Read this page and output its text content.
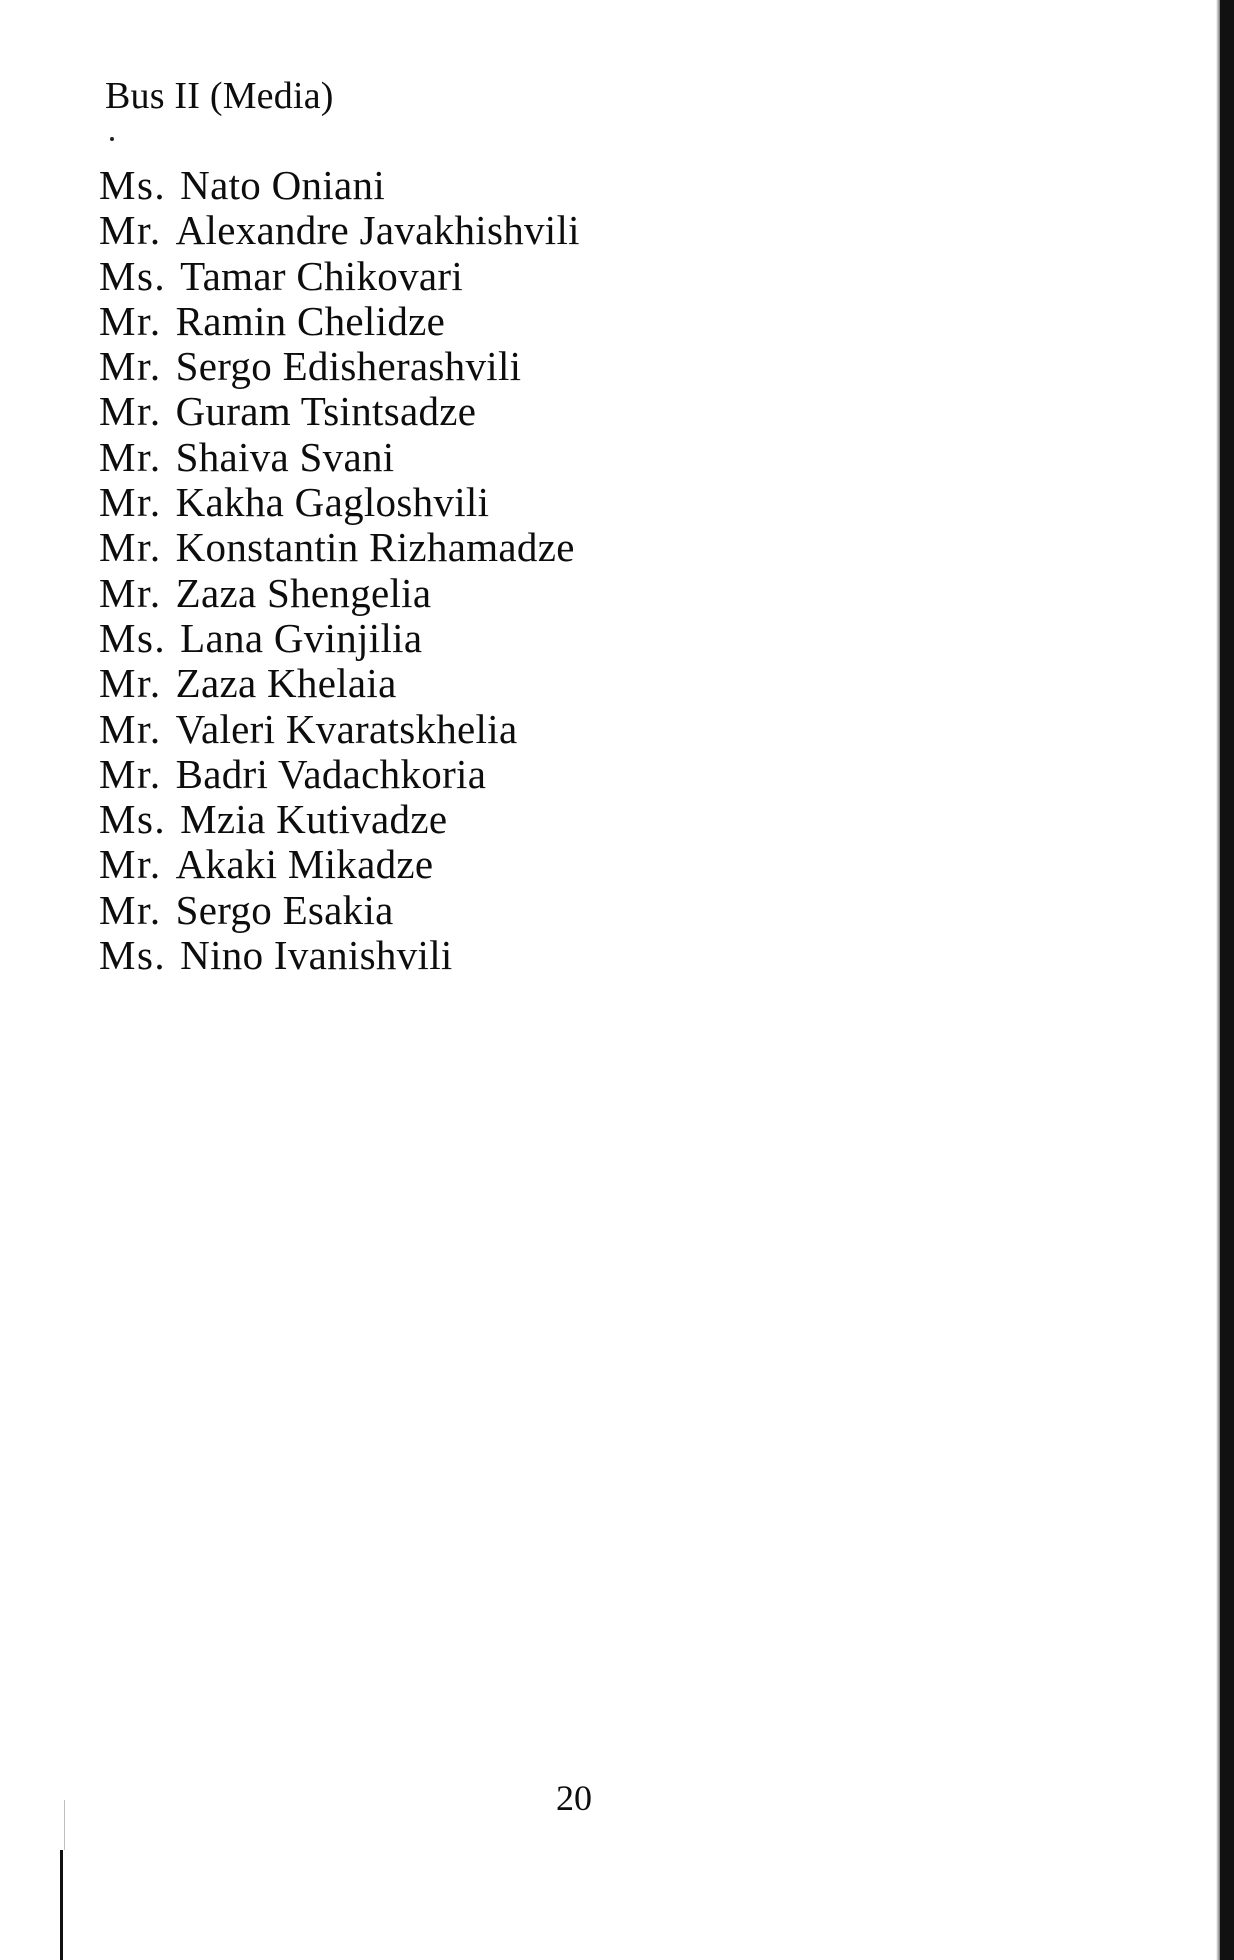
Bus II (Media)
Ms. Nato Oniani
Mr. Alexandre Javakhishvili
Ms. Tamar Chikovari
Mr. Ramin Chelidze
Mr. Sergo Edisherashvili
Mr. Guram Tsintsadze
Mr. Shaiva Svani
Mr. Kakha Gagloshvili
Mr. Konstantin Rizhamadze
Mr. Zaza Shengelia
Ms. Lana Gvinjilia
Mr. Zaza Khelaia
Mr. Valeri Kvaratskhelia
Mr. Badri Vadachkoria
Ms. Mzia Kutivadze
Mr. Akaki Mikadze
Mr. Sergo Esakia
Ms. Nino Ivanishvili
20
